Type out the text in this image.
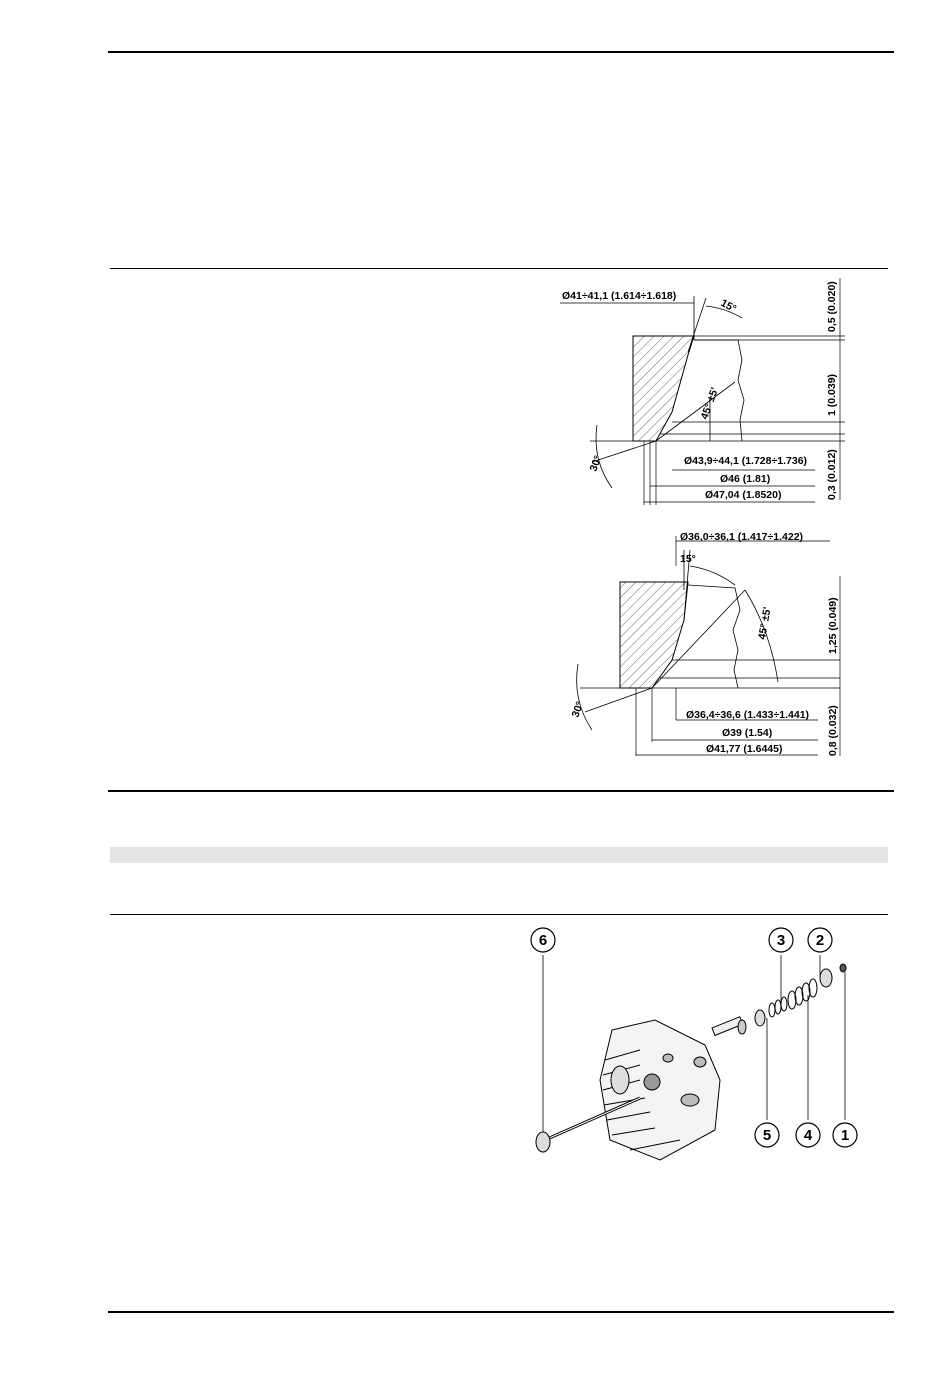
Ø41÷41,1 (1.614÷1.618)
15°
45° ±5'
30°	Ø43,9÷44,1 (1.728÷1.736)
Ø46 (1.81)
Ø47,04 (1.8520)
0,5 (0.020)
1 (0.039)
0,3 (0.012)
Ø36,0÷36,1 (1.417÷1.422)
15°
45° ±5'
30°	Ø36,4÷36,6 (1.433÷1.441)
Ø39 (1.54)
Ø41,77 (1.6445)
1,25 (0.049)
0,8 (0.032)
6	3 2
5 4 1
